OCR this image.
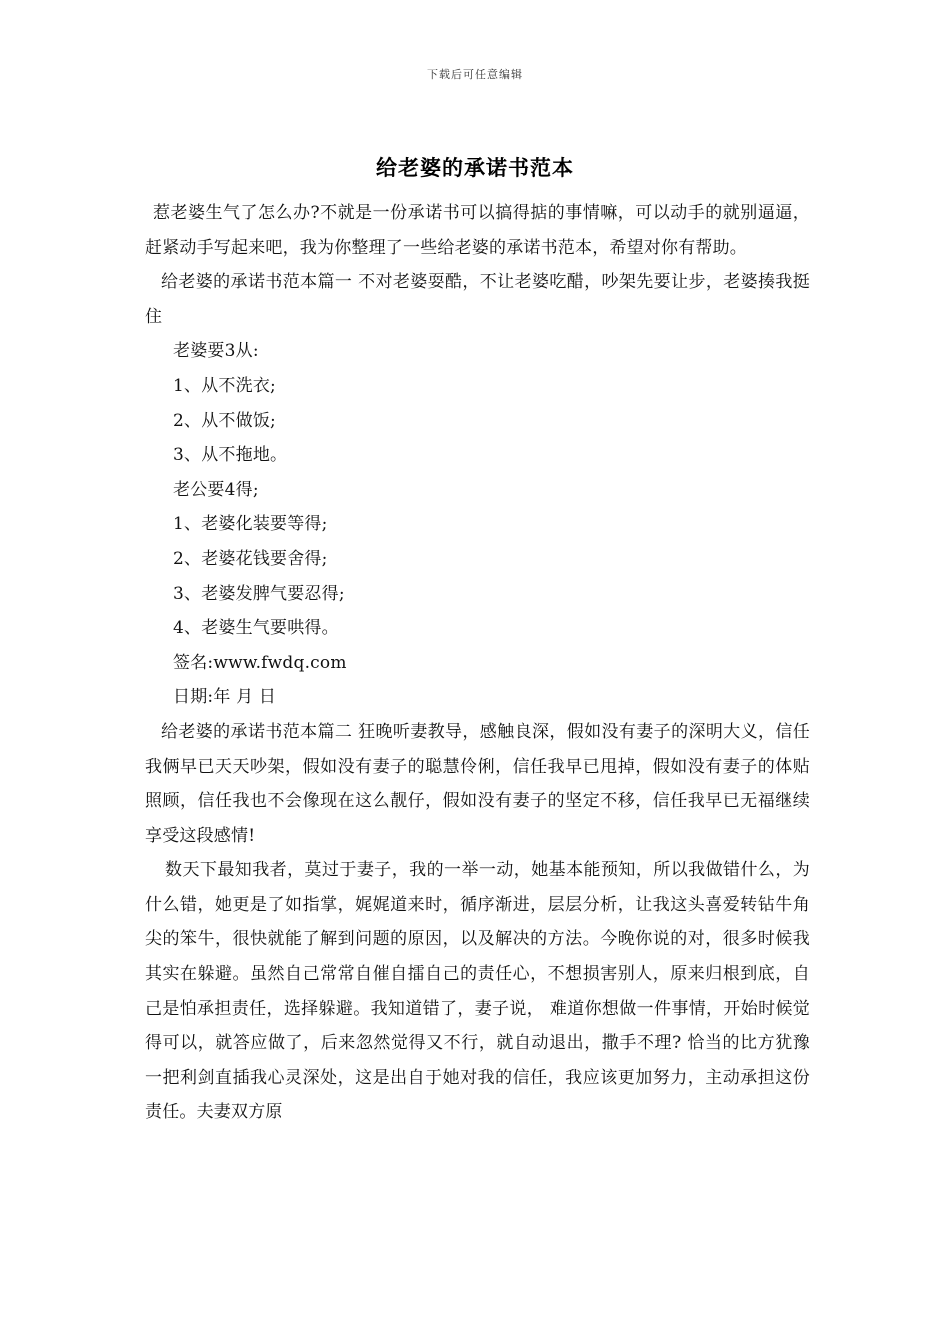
下载后可任意编辑
给老婆的承诺书范本

惹老婆生气了怎么办?不就是一份承诺书可以搞得掂的事情嘛，可以动手的就别逼逼，赶紧动手写起来吧，我为你整理了一些给老婆的承诺书范本，希望对你有帮助。

给老婆的承诺书范本篇一 不对老婆耍酷，不让老婆吃醋，吵架先要让步，老婆揍我挺住

老婆要3从:

1、从不洗衣;

2、从不做饭;

3、从不拖地。

老公要4得;

1、老婆化装要等得;

2、老婆花钱要舍得;

3、老婆发脾气要忍得;

4、老婆生气要哄得。

签名:www.fwdq.com

日期:年 月 日

给老婆的承诺书范本篇二 狂晚听妻教导，感触良深，假如没有妻子的深明大义，信任我俩早已天天吵架，假如没有妻子的聪慧伶俐，信任我早已甩掉，假如没有妻子的体贴照顾，信任我也不会像现在这么靓仔，假如没有妻子的坚定不移，信任我早已无福继续享受这段感情!

数天下最知我者，莫过于妻子，我的一举一动，她基本能预知，所以我做错什么，为什么错，她更是了如指掌，娓娓道来时，循序渐进，层层分析，让我这头喜爱转钻牛角尖的笨牛，很快就能了解到问题的原因，以及解决的方法。今晚你说的对，很多时候我其实在躲避。虽然自己常常自催自擂自己的责任心，不想损害别人，原来归根到底，自己是怕承担责任，选择躲避。我知道错了，妻子说， 难道你想做一件事情，开始时候觉得可以，就答应做了，后来忽然觉得又不行，就自动退出，撒手不理? 恰当的比方犹豫一把利剑直插我心灵深处，这是出自于她对我的信任，我应该更加努力，主动承担这份责任。夫妻双方原
